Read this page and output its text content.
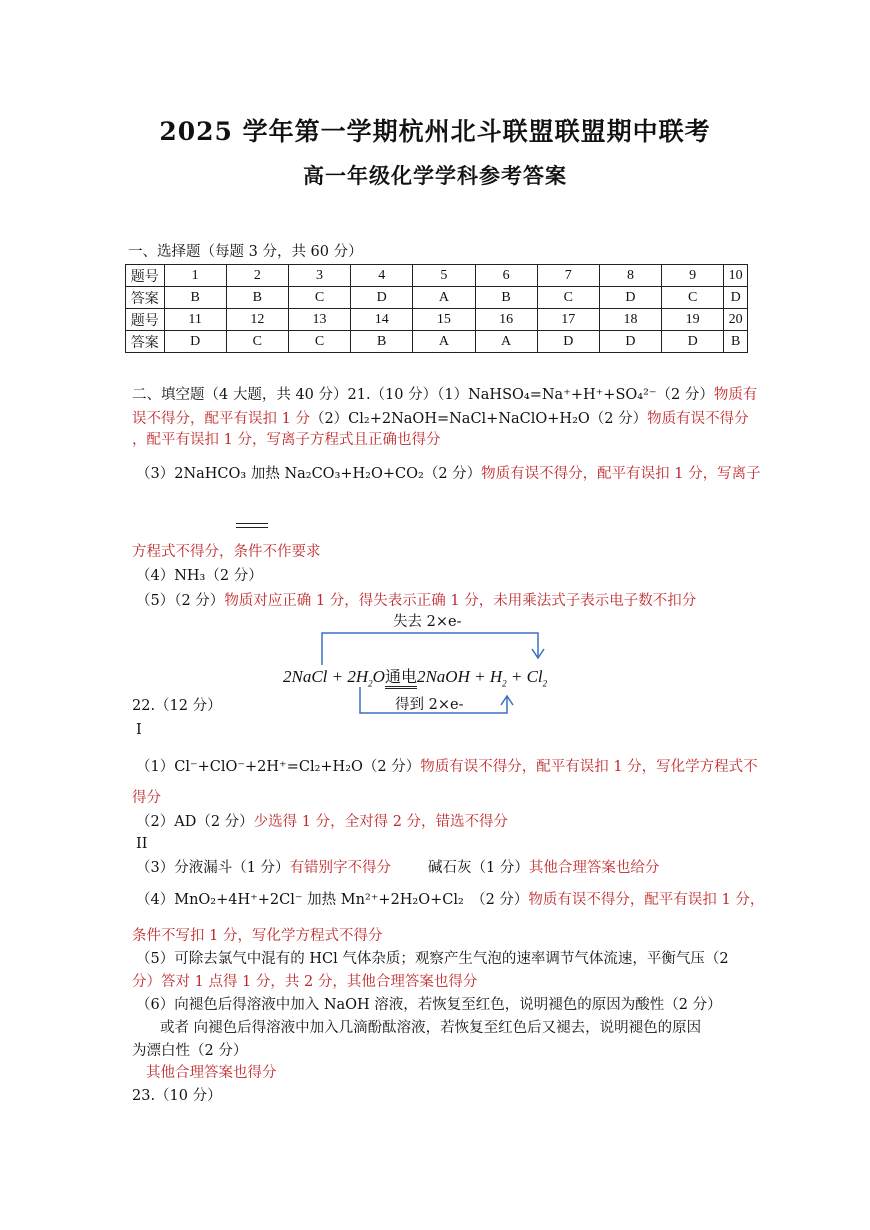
2025 学年第一学期杭州北斗联盟联盟期中联考
高一年级化学学科参考答案
一、选择题（每题 3 分，共 60 分）
题号	1	2	3	4	5	6	7	8	9	10
答案	B	B	C	D	A	B	C	D	C	D
题号	11	12	13	14	15	16	17	18	19	20
答案	D	C	C	B	A	A	D	D	D	B
二、填空题（4 大题，共 40 分）21.（10 分）（1）NaHSO₄=Na⁺+H⁺+SO₄²⁻（2 分）物质有
误不得分，配平有误扣 1 分（2）Cl₂+2NaOH=NaCl+NaClO+H₂O（2 分）物质有误不得分
，配平有误扣 1 分，写离子方程式且正确也得分
（3）2NaHCO₃ 加热 Na₂CO₃+H₂O+CO₂（2 分）物质有误不得分，配平有误扣 1 分，写离子
方程式不得分，条件不作要求
（4）NH₃（2 分）
（5）（2 分）物质对应正确 1 分，得失表示正确 1 分，未用乘法式子表示电子数不扣分
失去 2×e-
2NaCl + $2H_2O$通电2NaOH + $H_2 + Cl_2$
得到 2×e-
22.（12 分）
I
（1）Cl⁻+ClO⁻+2H⁺=Cl₂+H₂O（2 分）物质有误不得分，配平有误扣 1 分，写化学方程式不
得分
（2）AD（2 分）少选得 1 分，全对得 2 分，错选不得分
II
（3）分液漏斗（1 分）有错别字不得分	碱石灰（1 分）其他合理答案也给分
（4）MnO₂+4H⁺+2Cl⁻ 加热 Mn²⁺+2H₂O+Cl₂　（2 分）物质有误不得分，配平有误扣 1 分，
条件不写扣 1 分，写化学方程式不得分
（5）可除去氯气中混有的 HCl 气体杂质；观察产生气泡的速率调节气体流速，平衡气压（2
分）答对 1 点得 1 分，共 2 分，其他合理答案也得分
（6）向褪色后得溶液中加入 NaOH 溶液，若恢复至红色，说明褪色的原因为酸性（2 分）
或者 向褪色后得溶液中加入几滴酚酞溶液，若恢复至红色后又褪去，说明褪色的原因
为漂白性（2 分）
其他合理答案也得分
23.（10 分）
